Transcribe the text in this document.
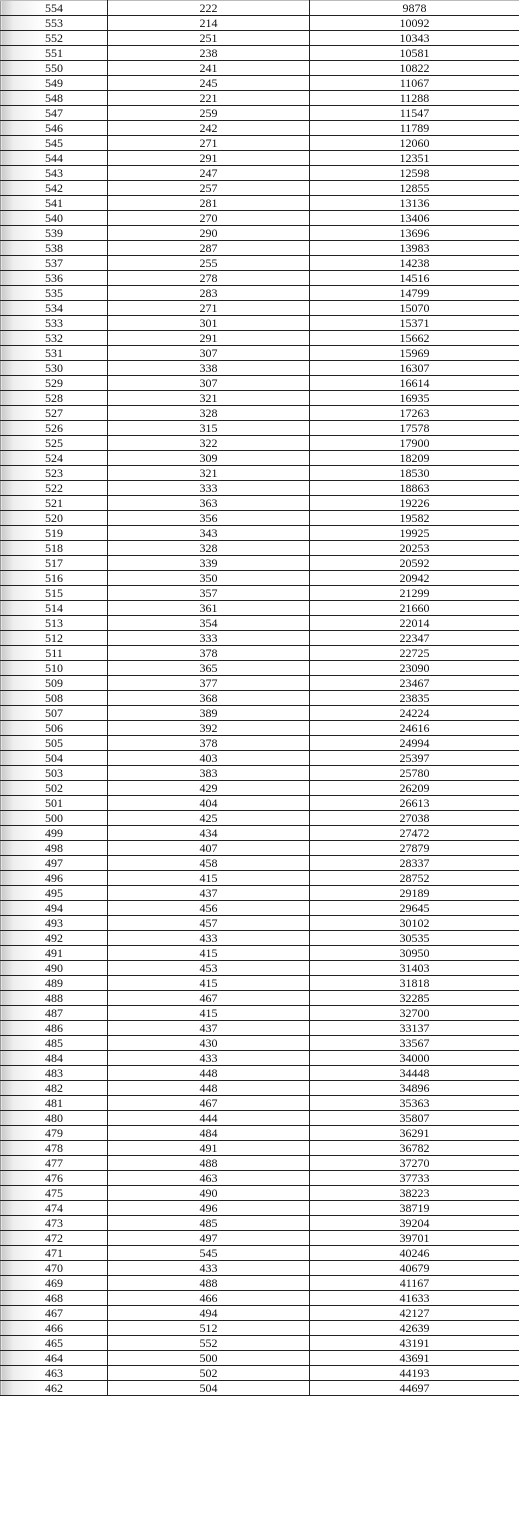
554	222	9878
553	214	10092
552	251	10343
551	238	10581
550	241	10822
549	245	11067
548	221	11288
547	259	11547
546	242	11789
545	271	12060
544	291	12351
543	247	12598
542	257	12855
541	281	13136
540	270	13406
539	290	13696
538	287	13983
537	255	14238
536	278	14516
535	283	14799
534	271	15070
533	301	15371
532	291	15662
531	307	15969
530	338	16307
529	307	16614
528	321	16935
527	328	17263
526	315	17578
525	322	17900
524	309	18209
523	321	18530
522	333	18863
521	363	19226
520	356	19582
519	343	19925
518	328	20253
517	339	20592
516	350	20942
515	357	21299
514	361	21660
513	354	22014
512	333	22347
511	378	22725
510	365	23090
509	377	23467
508	368	23835
507	389	24224
506	392	24616
505	378	24994
504	403	25397
503	383	25780
502	429	26209
501	404	26613
500	425	27038
499	434	27472
498	407	27879
497	458	28337
496	415	28752
495	437	29189
494	456	29645
493	457	30102
492	433	30535
491	415	30950
490	453	31403
489	415	31818
488	467	32285
487	415	32700
486	437	33137
485	430	33567
484	433	34000
483	448	34448
482	448	34896
481	467	35363
480	444	35807
479	484	36291
478	491	36782
477	488	37270
476	463	37733
475	490	38223
474	496	38719
473	485	39204
472	497	39701
471	545	40246
470	433	40679
469	488	41167
468	466	41633
467	494	42127
466	512	42639
465	552	43191
464	500	43691
463	502	44193
462	504	44697
